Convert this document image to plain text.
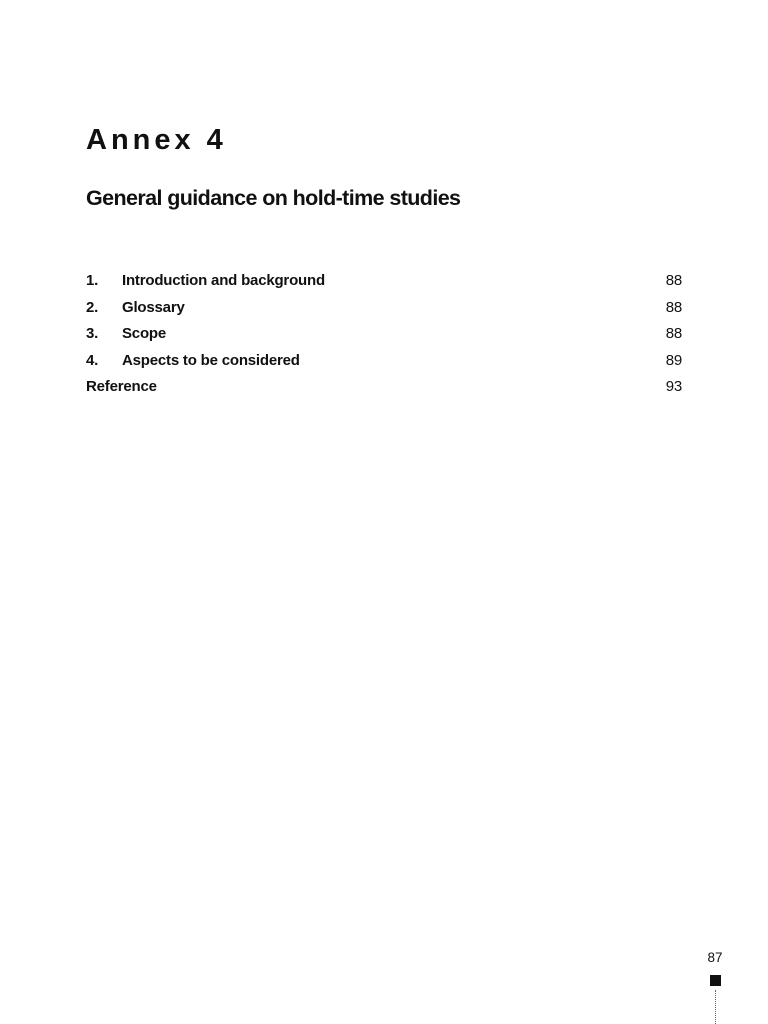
Annex 4
General guidance on hold-time studies
1. Introduction and background	88
2. Glossary	88
3. Scope	88
4. Aspects to be considered	89
Reference	93
87
